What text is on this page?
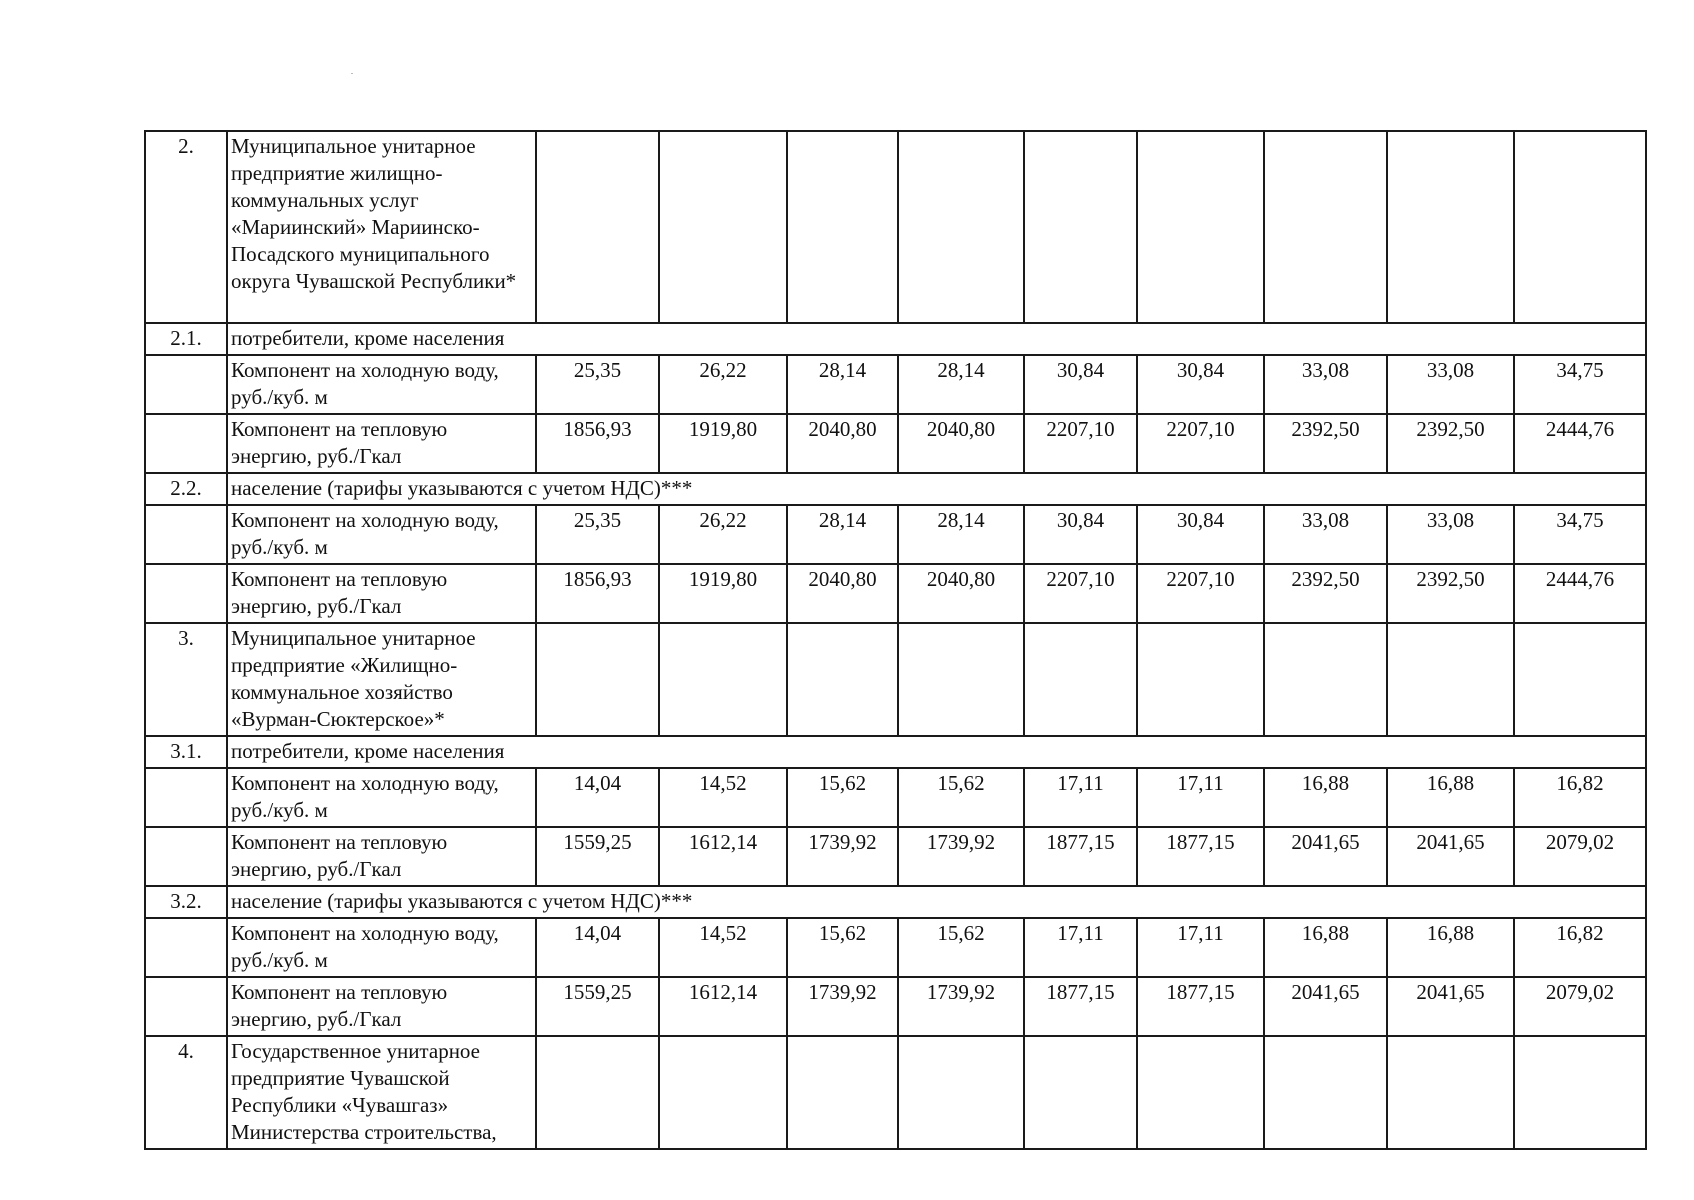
2.	Муниципальное унитарное предприятие жилищно-коммунальных услуг «Мариинский» Мариинско-Посадского муниципального округа Чувашской Республики*									
2.1.	потребители, кроме населения									
	Компонент на холодную воду, руб./куб. м	25,35	26,22	28,14	28,14	30,84	30,84	33,08	33,08	34,75
	Компонент на тепловую энергию, руб./Гкал	1856,93	1919,80	2040,80	2040,80	2207,10	2207,10	2392,50	2392,50	2444,76
2.2.	население (тарифы указываются с учетом НДС)***									
	Компонент на холодную воду, руб./куб. м	25,35	26,22	28,14	28,14	30,84	30,84	33,08	33,08	34,75
	Компонент на тепловую энергию, руб./Гкал	1856,93	1919,80	2040,80	2040,80	2207,10	2207,10	2392,50	2392,50	2444,76
3.	Муниципальное унитарное предприятие «Жилищно-коммунальное хозяйство «Вурман-Сюктерское»*									
3.1.	потребители, кроме населения									
	Компонент на холодную воду, руб./куб. м	14,04	14,52	15,62	15,62	17,11	17,11	16,88	16,88	16,82
	Компонент на тепловую энергию, руб./Гкал	1559,25	1612,14	1739,92	1739,92	1877,15	1877,15	2041,65	2041,65	2079,02
3.2.	население (тарифы указываются с учетом НДС)***									
	Компонент на холодную воду, руб./куб. м	14,04	14,52	15,62	15,62	17,11	17,11	16,88	16,88	16,82
	Компонент на тепловую энергию, руб./Гкал	1559,25	1612,14	1739,92	1739,92	1877,15	1877,15	2041,65	2041,65	2079,02
4.	Государственное унитарное предприятие Чувашской Республики «Чувашгаз» Министерства строительства,									
